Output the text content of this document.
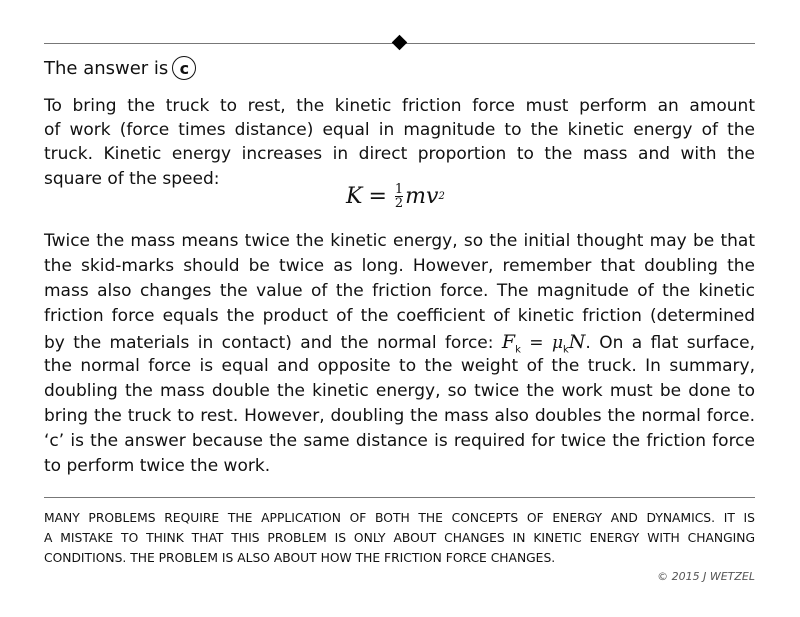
The answer is c
To bring the truck to rest, the kinetic friction force must perform an amount
of work (force times distance) equal in magnitude to the kinetic energy of the
truck. Kinetic energy increases in direct proportion to the mass and with the
square of the speed:
$K = \frac{1}{2}$ mv 2
Twice the mass means twice the kinetic energy, so the initial thought may be that
the skid-marks should be twice as long. However, remember that doubling the
mass also changes the value of the friction force. The magnitude of the kinetic
friction force equals the product of the coefficient of kinetic friction (determined
by the materials in contact) and the normal force: $F_k = \mu_kN$. On a flat surface,
the normal force is equal and opposite to the weight of the truck. In summary,
doubling the mass double the kinetic energy, so twice the work must be done to
bring the truck to rest. However, doubling the mass also doubles the normal force.
‘c’ is the answer because the same distance is required for twice the friction force
to perform twice the work.
MANY PROBLEMS REQUIRE THE APPLICATION OF BOTH THE CONCEPTS OF ENERGY AND DYNAMICS. IT IS
A MISTAKE TO THINK THAT THIS PROBLEM IS ONLY ABOUT CHANGES IN KINETIC ENERGY WITH CHANGING
CONDITIONS. THE PROBLEM IS ALSO ABOUT HOW THE FRICTION FORCE CHANGES.
© 2015 J WETZEL
